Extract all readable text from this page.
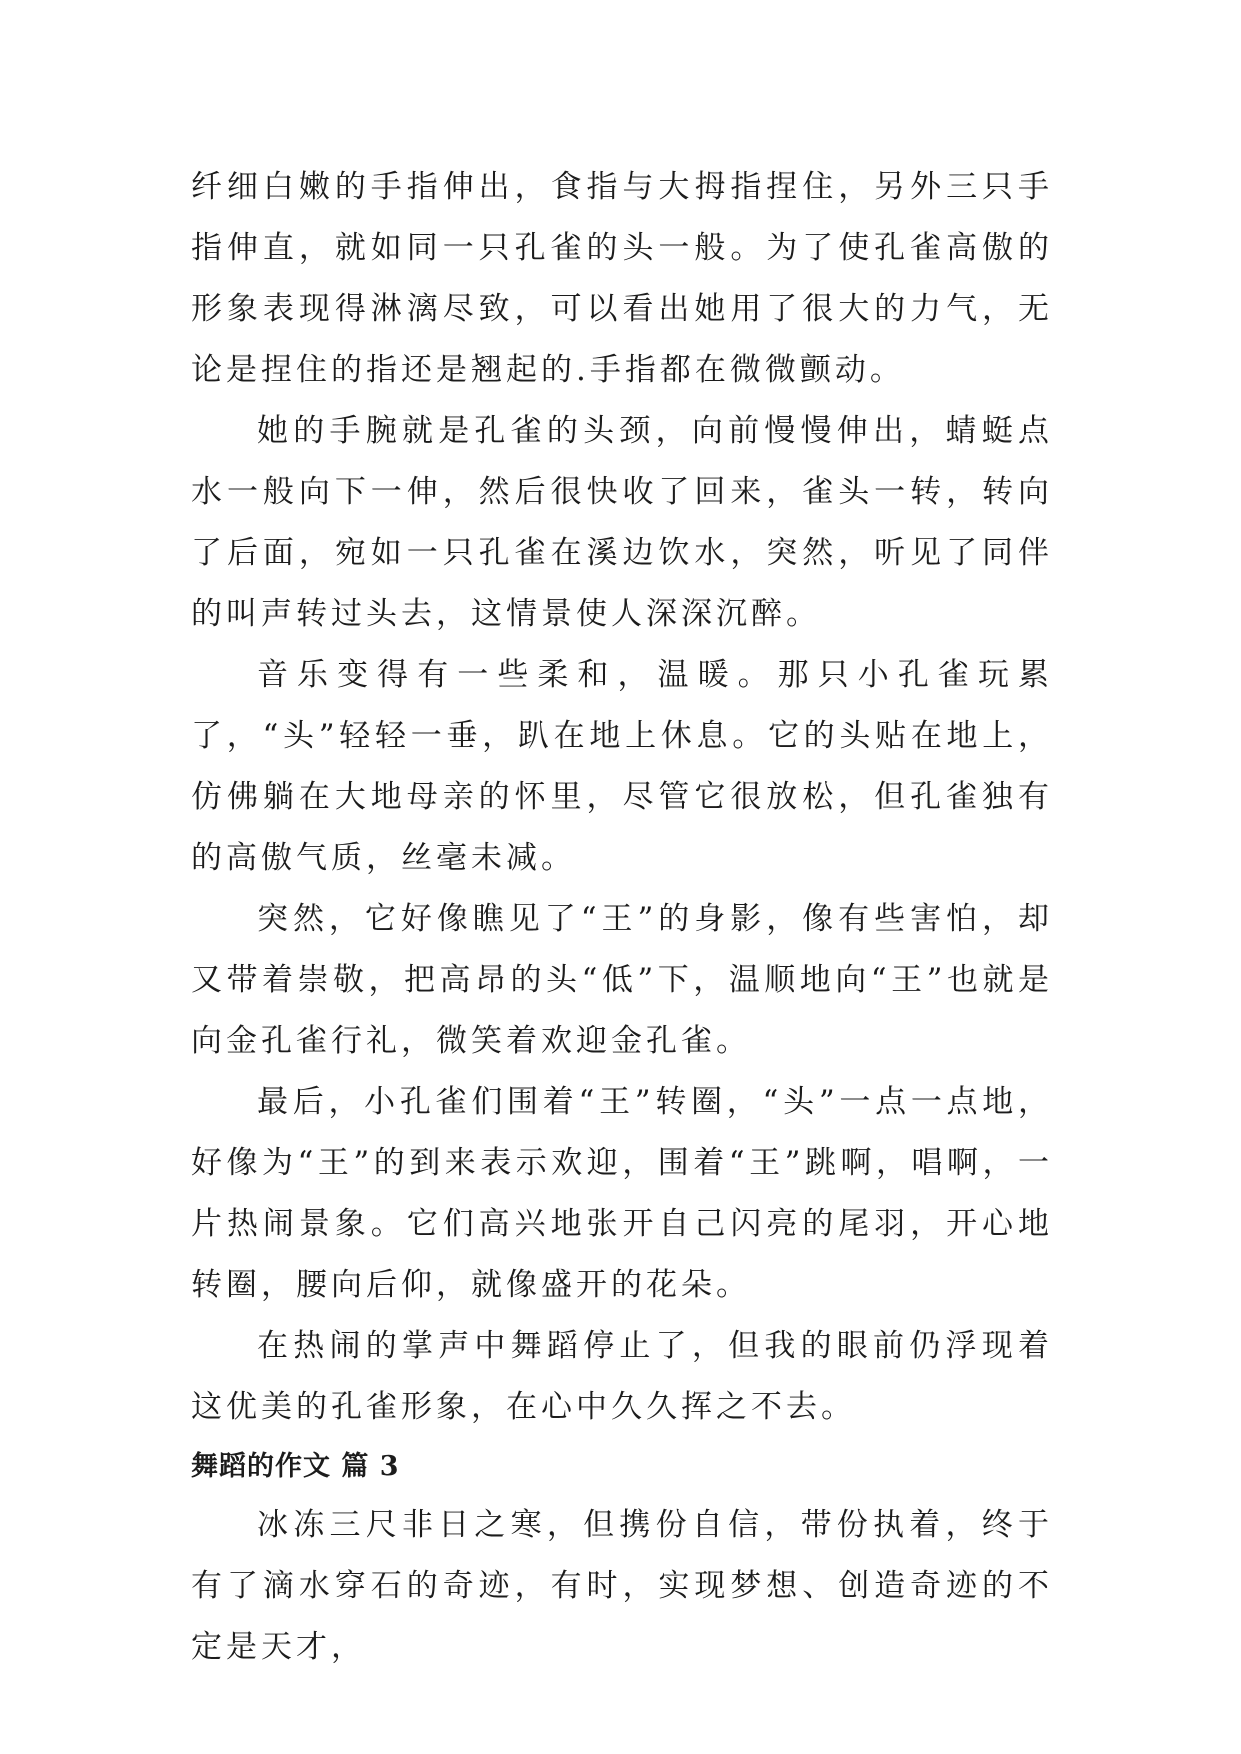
纤细白嫩的手指伸出，食指与大拇指捏住，另外三只手指伸直，就如同一只孔雀的头一般。为了使孔雀高傲的形象表现得淋漓尽致，可以看出她用了很大的力气，无论是捏住的指还是翘起的.手指都在微微颤动。

她的手腕就是孔雀的头颈，向前慢慢伸出，蜻蜓点水一般向下一伸，然后很快收了回来，雀头一转，转向了后面，宛如一只孔雀在溪边饮水，突然，听见了同伴的叫声转过头去，这情景使人深深沉醉。

音乐变得有一些柔和，温暖。那只小孔雀玩累了，“头”轻轻一垂，趴在地上休息。它的头贴在地上，仿佛躺在大地母亲的怀里，尽管它很放松，但孔雀独有的高傲气质，丝毫未减。

突然，它好像瞧见了“王”的身影，像有些害怕，却又带着崇敬，把高昂的头“低”下，温顺地向“王”也就是向金孔雀行礼，微笑着欢迎金孔雀。

最后，小孔雀们围着“王”转圈，“头”一点一点地，好像为“王”的到来表示欢迎，围着“王”跳啊，唱啊，一片热闹景象。它们高兴地张开自己闪亮的尾羽，开心地转圈，腰向后仰，就像盛开的花朵。

在热闹的掌声中舞蹈停止了，但我的眼前仍浮现着这优美的孔雀形象，在心中久久挥之不去。

舞蹈的作文 篇 3

冰冻三尺非日之寒，但携份自信，带份执着，终于有了滴水穿石的奇迹，有时，实现梦想、创造奇迹的不定是天才，
